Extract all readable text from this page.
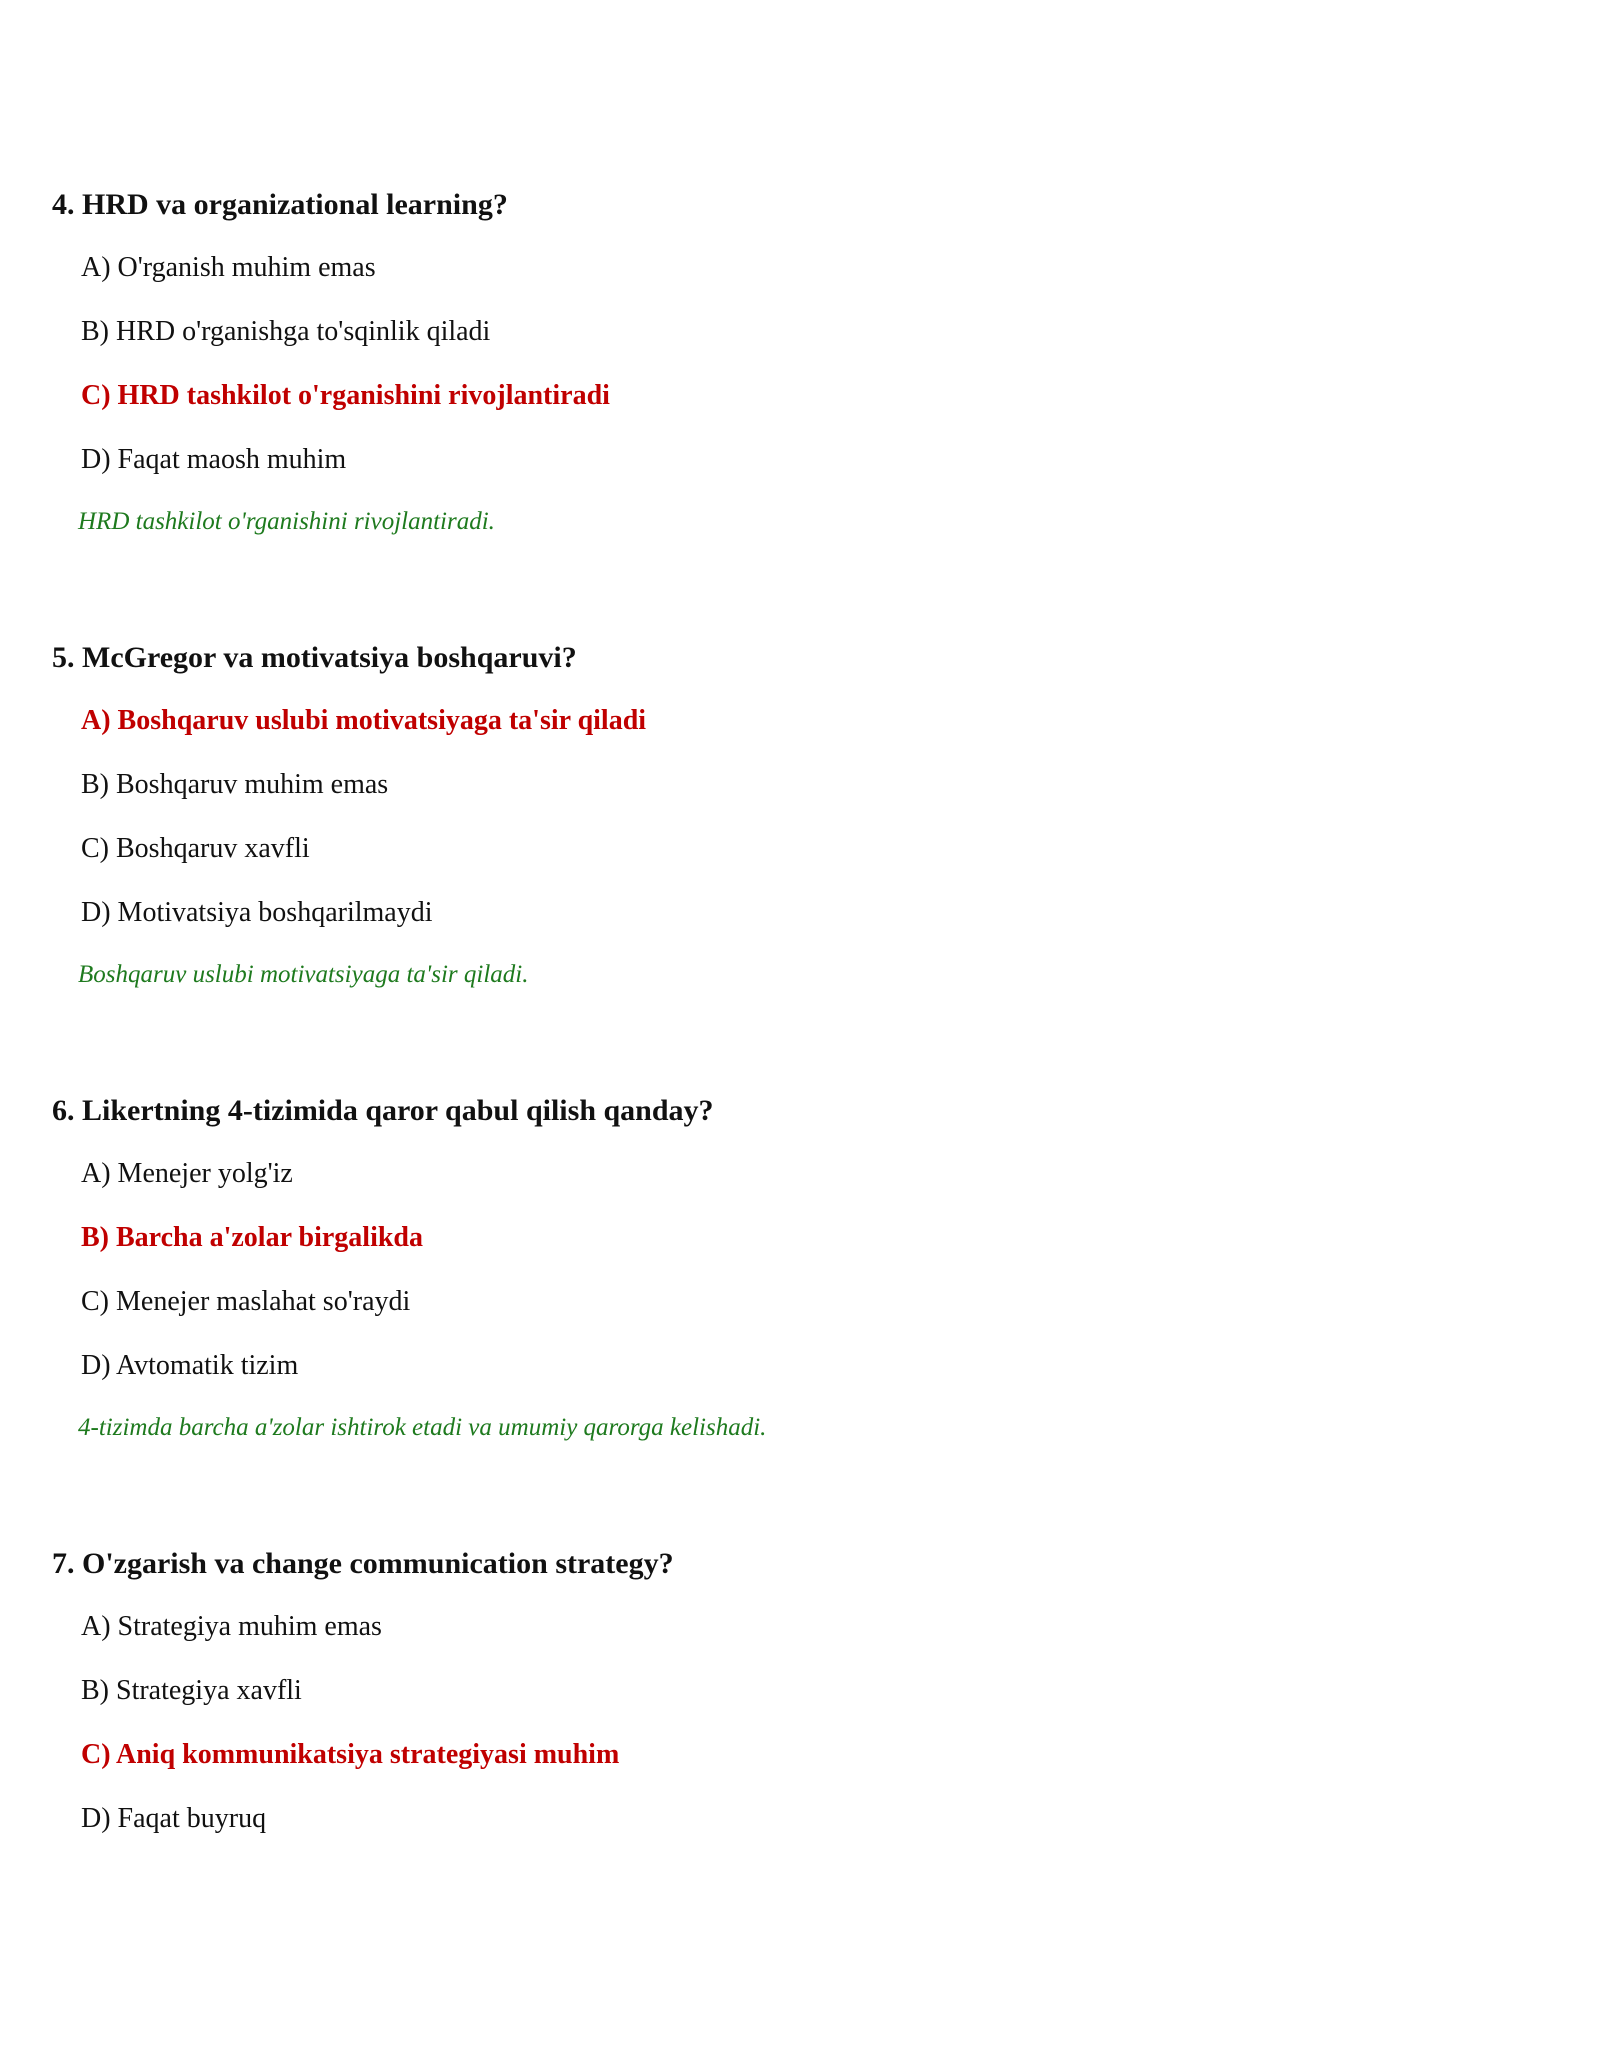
4. HRD va organizational learning?
A) O'rganish muhim emas
B) HRD o'rganishga to'sqinlik qiladi
C) HRD tashkilot o'rganishini rivojlantiradi
D) Faqat maosh muhim
HRD tashkilot o'rganishini rivojlantiradi.
5. McGregor va motivatsiya boshqaruvi?
A) Boshqaruv uslubi motivatsiyaga ta'sir qiladi
B) Boshqaruv muhim emas
C) Boshqaruv xavfli
D) Motivatsiya boshqarilmaydi
Boshqaruv uslubi motivatsiyaga ta'sir qiladi.
6. Likertning 4-tizimida qaror qabul qilish qanday?
A) Menejer yolg'iz
B) Barcha a'zolar birgalikda
C) Menejer maslahat so'raydi
D) Avtomatik tizim
4-tizimda barcha a'zolar ishtirok etadi va umumiy qarorga kelishadi.
7. O'zgarish va change communication strategy?
A) Strategiya muhim emas
B) Strategiya xavfli
C) Aniq kommunikatsiya strategiyasi muhim
D) Faqat buyruq
